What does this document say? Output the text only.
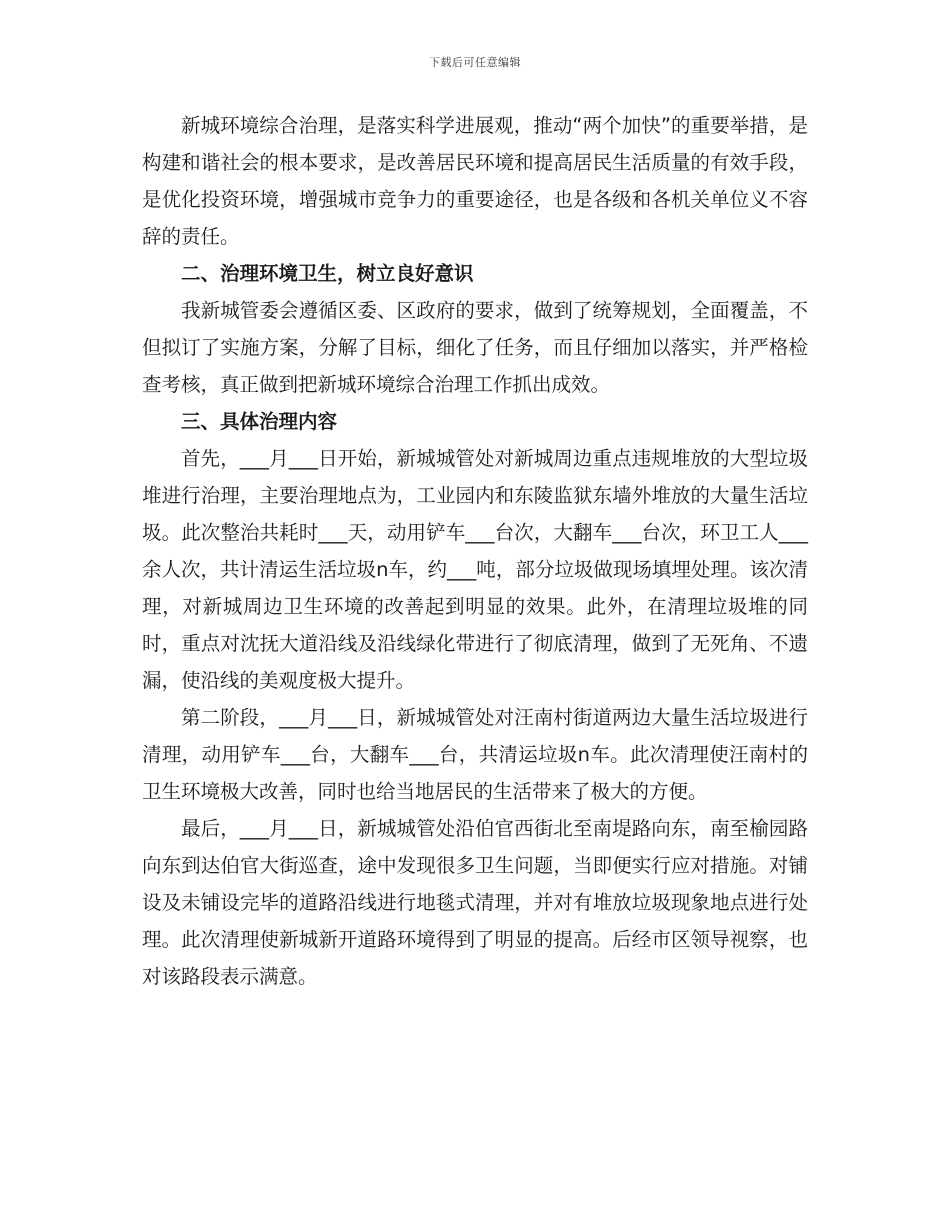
下载后可任意编辑

新城环境综合治理，是落实科学进展观，推动“两个加快”的重要举措，是构建和谐社会的根本要求，是改善居民环境和提高居民生活质量的有效手段，是优化投资环境，增强城市竞争力的重要途径，也是各级和各机关单位义不容辞的责任。

二、治理环境卫生，树立良好意识

我新城管委会遵循区委、区政府的要求，做到了统筹规划，全面覆盖，不但拟订了实施方案，分解了目标，细化了任务，而且仔细加以落实，并严格检查考核，真正做到把新城环境综合治理工作抓出成效。

三、具体治理内容

首先，___月___日开始，新城城管处对新城周边重点违规堆放的大型垃圾堆进行治理，主要治理地点为，工业园内和东陵监狱东墙外堆放的大量生活垃圾。此次整治共耗时___天，动用铲车___台次，大翻车___台次，环卫工人___余人次，共计清运生活垃圾n车，约___吨，部分垃圾做现场填埋处理。该次清理，对新城周边卫生环境的改善起到明显的效果。此外，在清理垃圾堆的同时，重点对沈抚大道沿线及沿线绿化带进行了彻底清理，做到了无死角、不遗漏，使沿线的美观度极大提升。

第二阶段，___月___日，新城城管处对汪南村街道两边大量生活垃圾进行清理，动用铲车___台，大翻车___台，共清运垃圾n车。此次清理使汪南村的卫生环境极大改善，同时也给当地居民的生活带来了极大的方便。

最后，___月___日，新城城管处沿伯官西街北至南堤路向东，南至榆园路向东到达伯官大街巡查，途中发现很多卫生问题，当即便实行应对措施。对铺设及未铺设完毕的道路沿线进行地毯式清理，并对有堆放垃圾现象地点进行处理。此次清理使新城新开道路环境得到了明显的提高。后经市区领导视察，也对该路段表示满意。
